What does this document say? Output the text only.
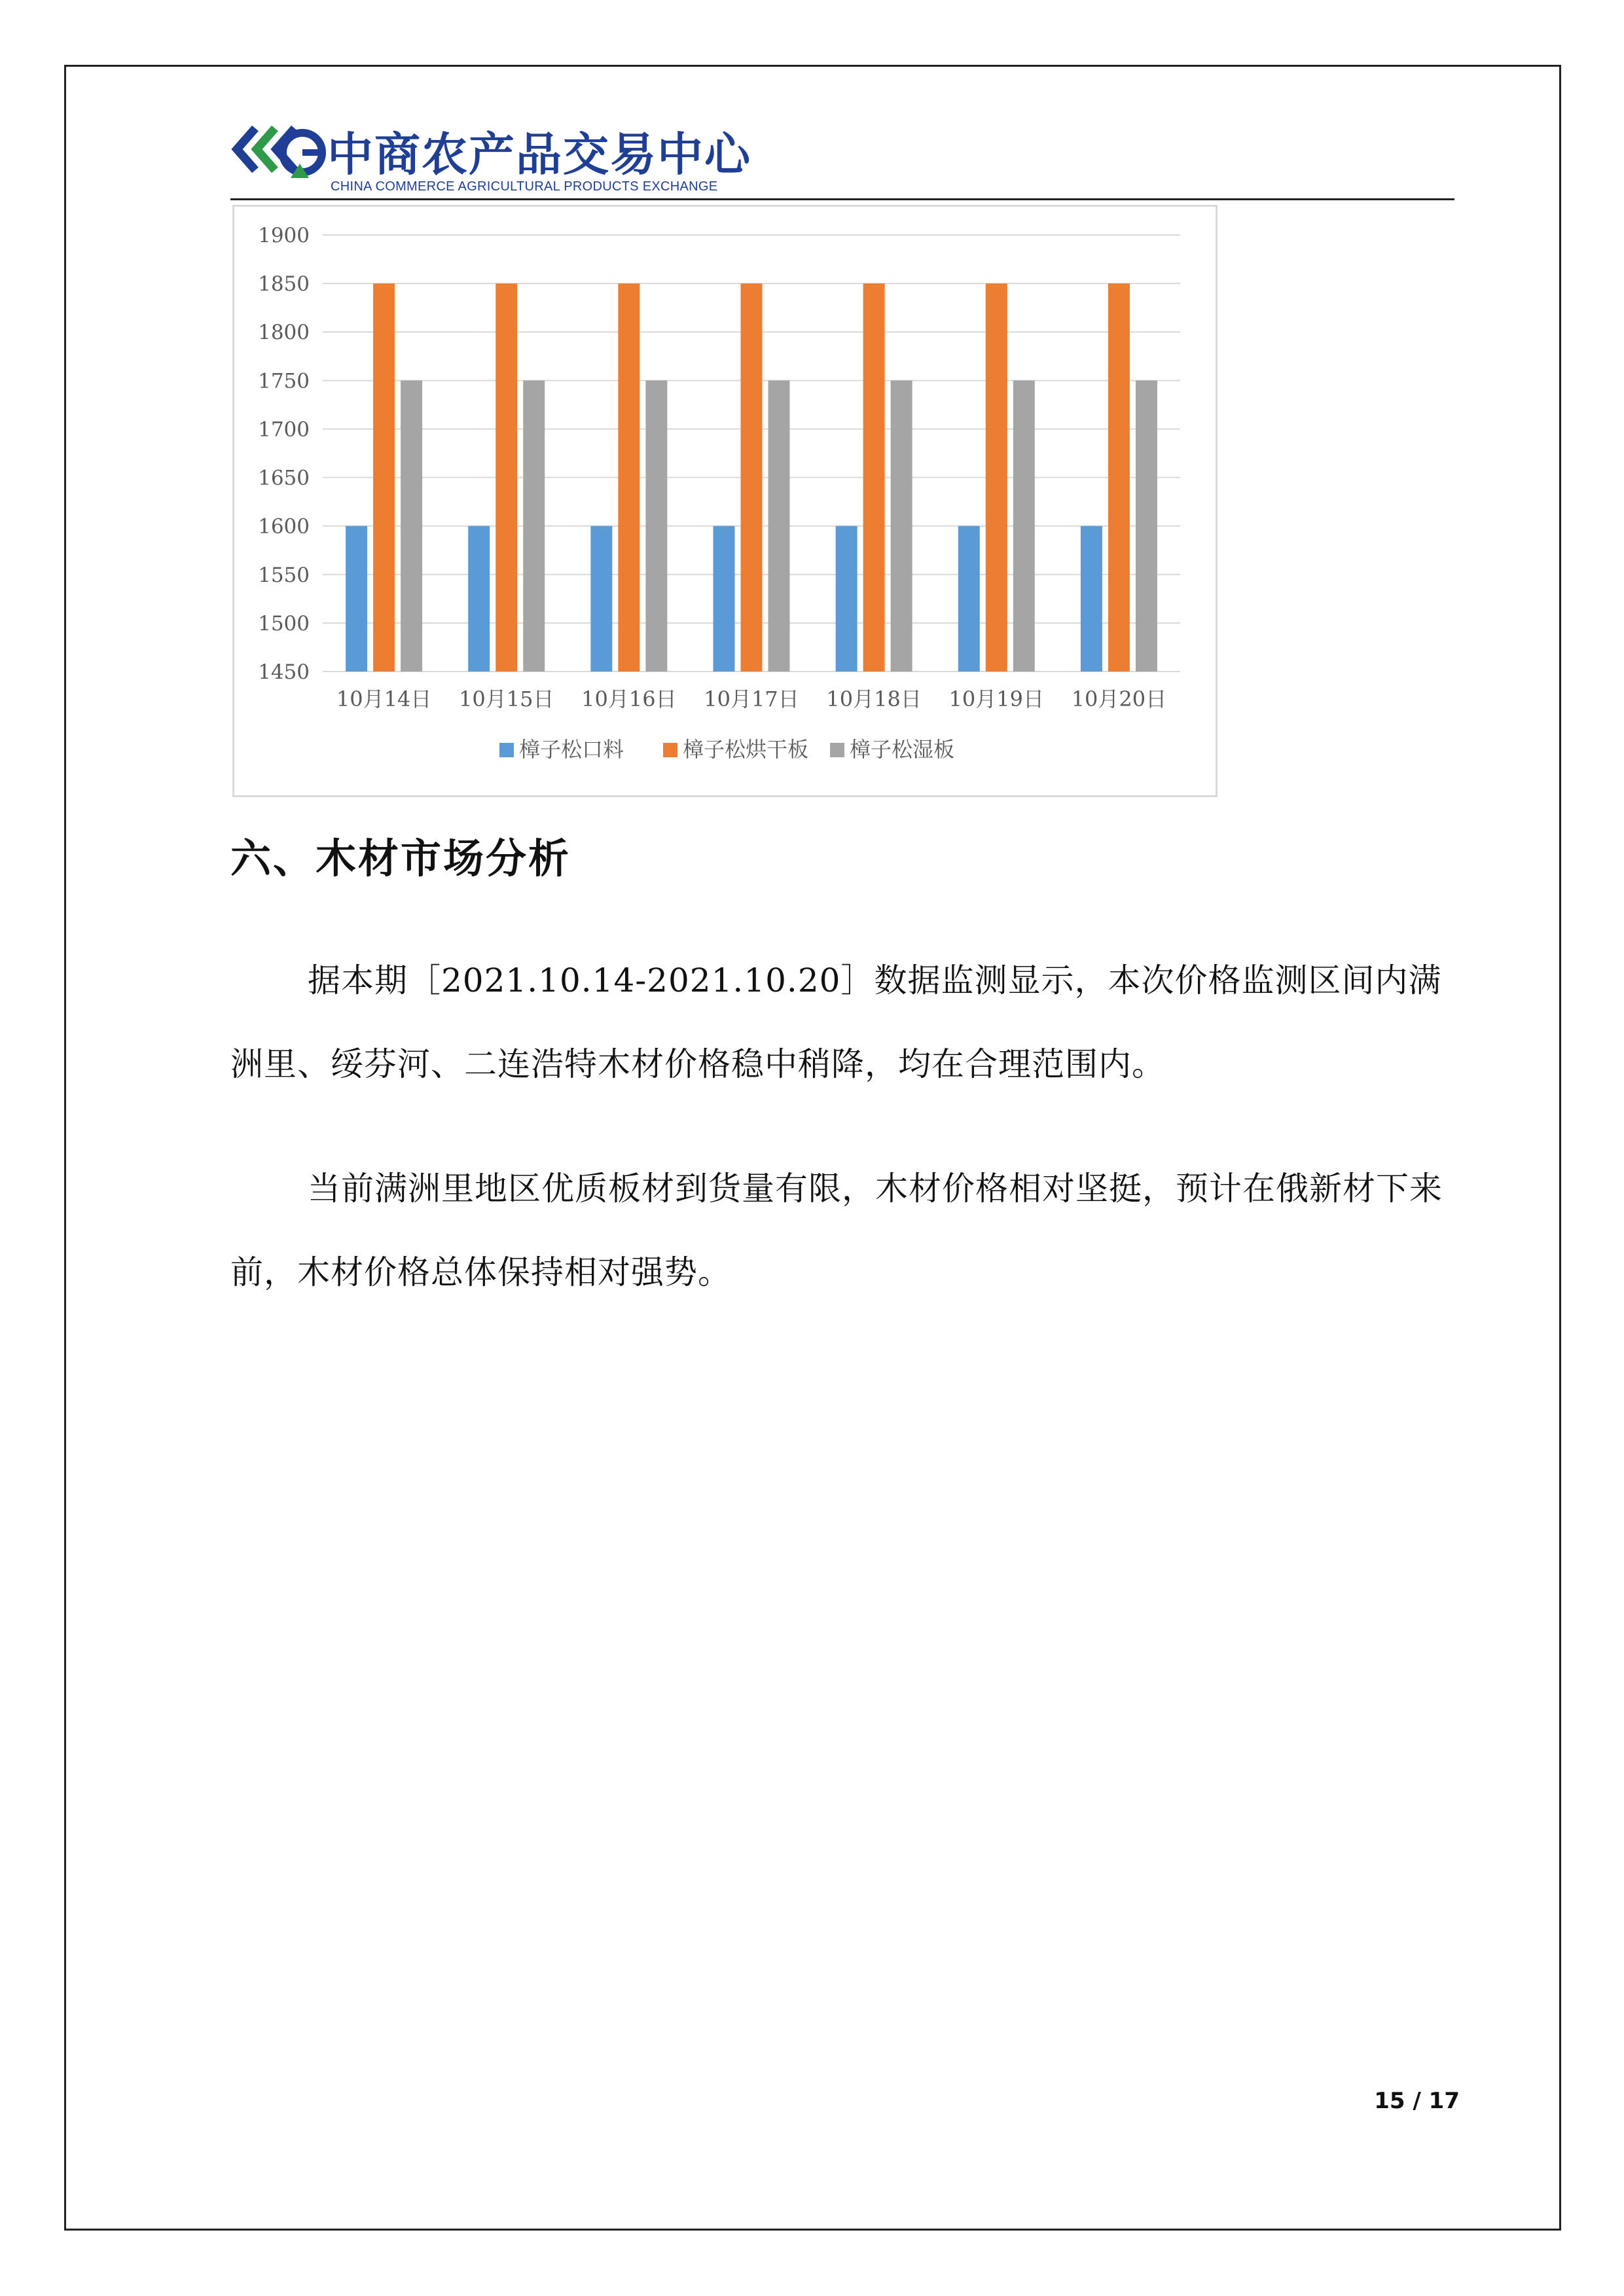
中商农产品交易中心
CHINA COMMERCE AGRICULTURAL PRODUCTS EXCHANGE
1450
1500
1550
1600
1650
1700
1750
1800
1850
1900
10月14日 10月15日 10月16日 10月17日 10月18日 10月19日 10月20日
樟子松口料	樟子松烘干板 樟子松湿板
六、木材市场分析

据本期［2021.10.14-2021.10.20］数据监测显示，本次价格监测区间内满洲里、绥芬河、二连浩特木材价格稳中稍降，均在合理范围内。

当前满洲里地区优质板材到货量有限，木材价格相对坚挺，预计在俄新材下来前，木材价格总体保持相对强势。

15 / 17
